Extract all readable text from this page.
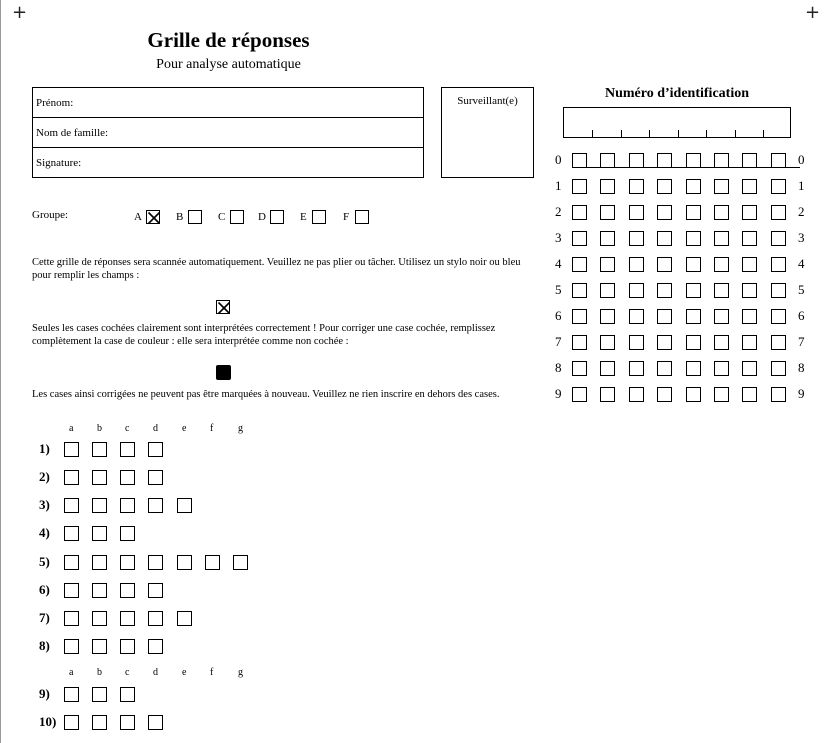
+	+
Grille de réponses
Pour analyse automatique
Prénom:
Nom de famille:
Signature:
Surveillant(e)
Groupe:	A	B	C	D	E	F
Cette grille de réponses sera scannée automatiquement. Veuillez ne pas plier ou tâcher. Utilisez un stylo noir ou bleu pour remplir les champs :
Seules les cases cochées clairement sont interprétées correctement ! Pour corriger une case cochée, remplissez complètement la case de couleur : elle sera interprétée comme non cochée :
Les cases ainsi corrigées ne peuvent pas être marquées à nouveau. Veuillez ne rien inscrire en dehors des cases.
a b c d e f g
a b c d e f g
1)
2)
3)
4)
5)
6)
7)
8)
9)
10)
Numéro d’identification
0	0
1	1
2	2
3	3
4	4
5	5
6	6
7	7
8	8
9	9
